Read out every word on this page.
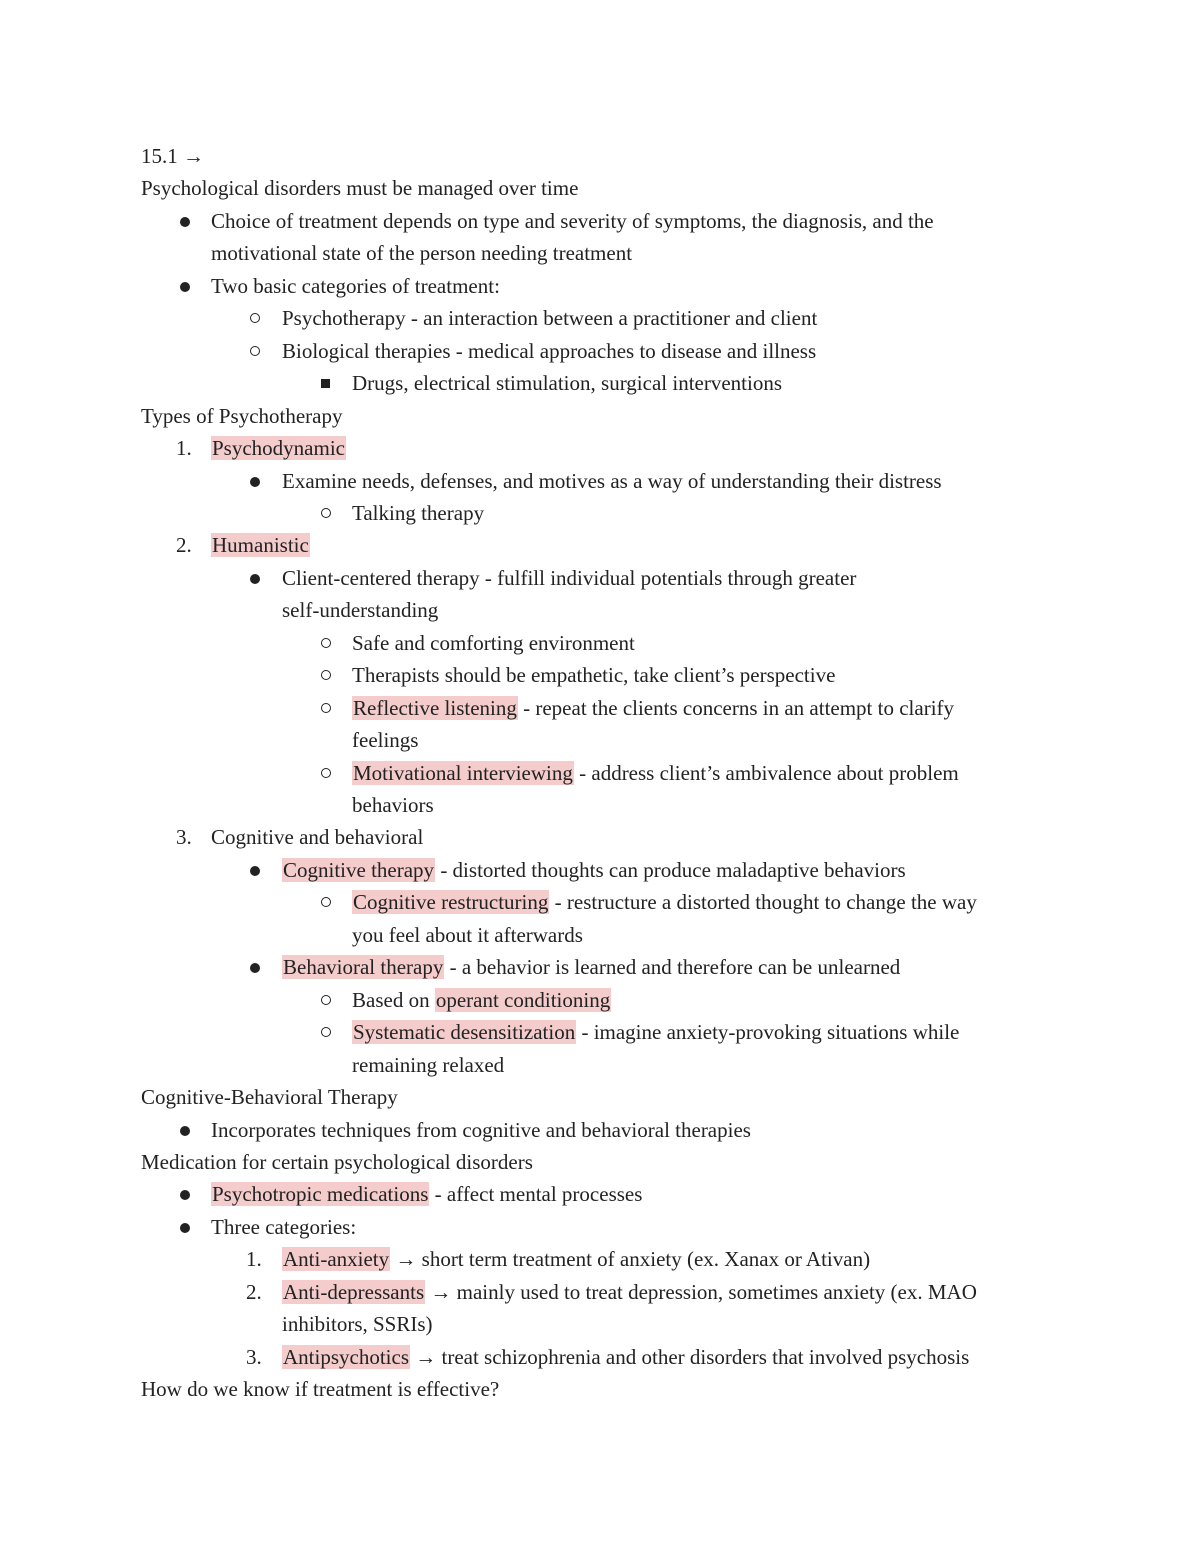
15.1 →
Psychological disorders must be managed over time
Choice of treatment depends on type and severity of symptoms, the diagnosis, and the
motivational state of the person needing treatment
Two basic categories of treatment:
Psychotherapy - an interaction between a practitioner and client
Biological therapies - medical approaches to disease and illness
Drugs, electrical stimulation, surgical interventions
Types of Psychotherapy
1. Psychodynamic
Examine needs, defenses, and motives as a way of understanding their distress
Talking therapy
2. Humanistic
Client-centered therapy - fulfill individual potentials through greater
self-understanding
Safe and comforting environment
Therapists should be empathetic, take client’s perspective
Reflective listening - repeat the clients concerns in an attempt to clarify
feelings
Motivational interviewing - address client’s ambivalence about problem
behaviors
3. Cognitive and behavioral
Cognitive therapy - distorted thoughts can produce maladaptive behaviors
Cognitive restructuring - restructure a distorted thought to change the way
you feel about it afterwards
Behavioral therapy - a behavior is learned and therefore can be unlearned
Based on operant conditioning
Systematic desensitization - imagine anxiety-provoking situations while
remaining relaxed
Cognitive-Behavioral Therapy
Incorporates techniques from cognitive and behavioral therapies
Medication for certain psychological disorders
Psychotropic medications - affect mental processes
Three categories:
1. Anti-anxiety → short term treatment of anxiety (ex. Xanax or Ativan)
2. Anti-depressants → mainly used to treat depression, sometimes anxiety (ex. MAO
inhibitors, SSRIs)
3. Antipsychotics → treat schizophrenia and other disorders that involved psychosis
How do we know if treatment is effective?
